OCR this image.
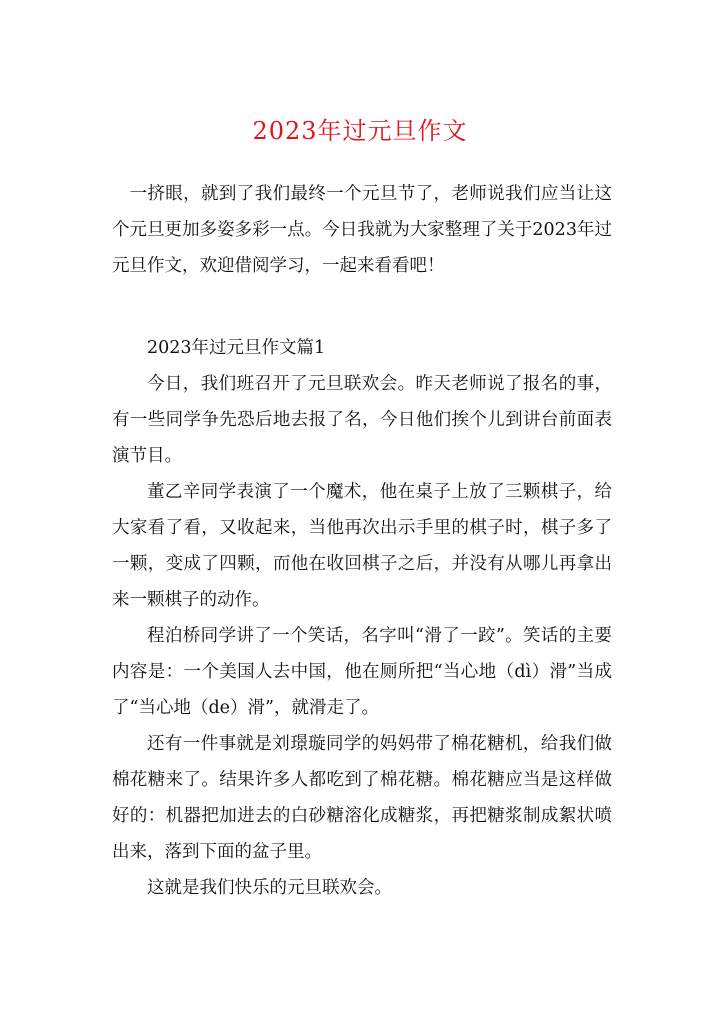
2023年过元旦作文

一挤眼，就到了我们最终一个元旦节了，老师说我们应当让这个元旦更加多姿多彩一点。今日我就为大家整理了关于2023年过元旦作文，欢迎借阅学习，一起来看看吧！

2023年过元旦作文篇1

今日，我们班召开了元旦联欢会。昨天老师说了报名的事，有一些同学争先恐后地去报了名，今日他们挨个儿到讲台前面表演节目。

董乙辛同学表演了一个魔术，他在桌子上放了三颗棋子，给大家看了看，又收起来，当他再次出示手里的棋子时，棋子多了一颗，变成了四颗，而他在收回棋子之后，并没有从哪儿再拿出来一颗棋子的动作。

程泊桥同学讲了一个笑话，名字叫“滑了一跤”。笑话的主要内容是：一个美国人去中国，他在厕所把“当心地（dì）滑”当成了“当心地（de）滑”，就滑走了。

还有一件事就是刘璟璇同学的妈妈带了棉花糖机，给我们做棉花糖来了。结果许多人都吃到了棉花糖。棉花糖应当是这样做好的：机器把加进去的白砂糖溶化成糖浆，再把糖浆制成絮状喷出来，落到下面的盆子里。

这就是我们快乐的元旦联欢会。
